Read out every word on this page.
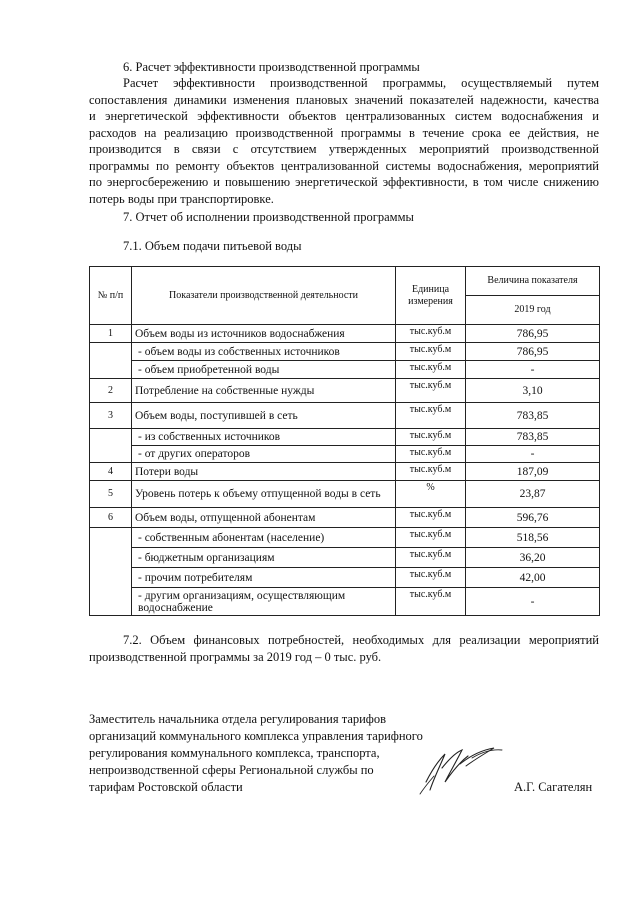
6. Расчет эффективности производственной программы
Расчет эффективности производственной программы, осуществляемый путем
сопоставления динамики изменения плановых значений показателей надежности, качества
и энергетической эффективности объектов централизованных систем водоснабжения и
расходов на реализацию производственной программы в течение срока ее действия, не
производится в связи с отсутствием утвержденных мероприятий производственной
программы по ремонту объектов централизованной системы водоснабжения, мероприятий
по энергосбережению и повышению энергетической эффективности, в том числе снижению
потерь воды при транспортировке.
7. Отчет об исполнении производственной программы
7.1. Объем подачи питьевой воды
№ п/п	Показатели производственной деятельности	Единица измерения	Величина показателя
			2019 год
1	Объем воды из источников водоснабжения	тыс.куб.м	786,95
	- объем воды из собственных источников	тыс.куб.м	786,95
	- объем приобретенной воды	тыс.куб.м	-
2	Потребление на собственные нужды	тыс.куб.м	3,10
3	Объем воды, поступившей в сеть	тыс.куб.м	783,85
	- из собственных источников	тыс.куб.м	783,85
	- от других операторов	тыс.куб.м	-
4	Потери воды	тыс.куб.м	187,09
5	Уровень потерь к объему отпущенной воды в сеть	%	23,87
6	Объем воды, отпущенной абонентам	тыс.куб.м	596,76
	- собственным абонентам (население)	тыс.куб.м	518,56
	- бюджетным организациям	тыс.куб.м	36,20
	- прочим потребителям	тыс.куб.м	42,00
	- другим организациям, осуществляющим водоснабжение	тыс.куб.м	-
7.2. Объем финансовых потребностей, необходимых для реализации мероприятий
производственной программы за 2019 год – 0 тыс. руб.
Заместитель начальника отдела регулирования тарифов
организаций коммунального комплекса управления тарифного
регулирования коммунального комплекса, транспорта,
непроизводственной сферы Региональной службы по
тарифам Ростовской области	А.Г. Сагателян
